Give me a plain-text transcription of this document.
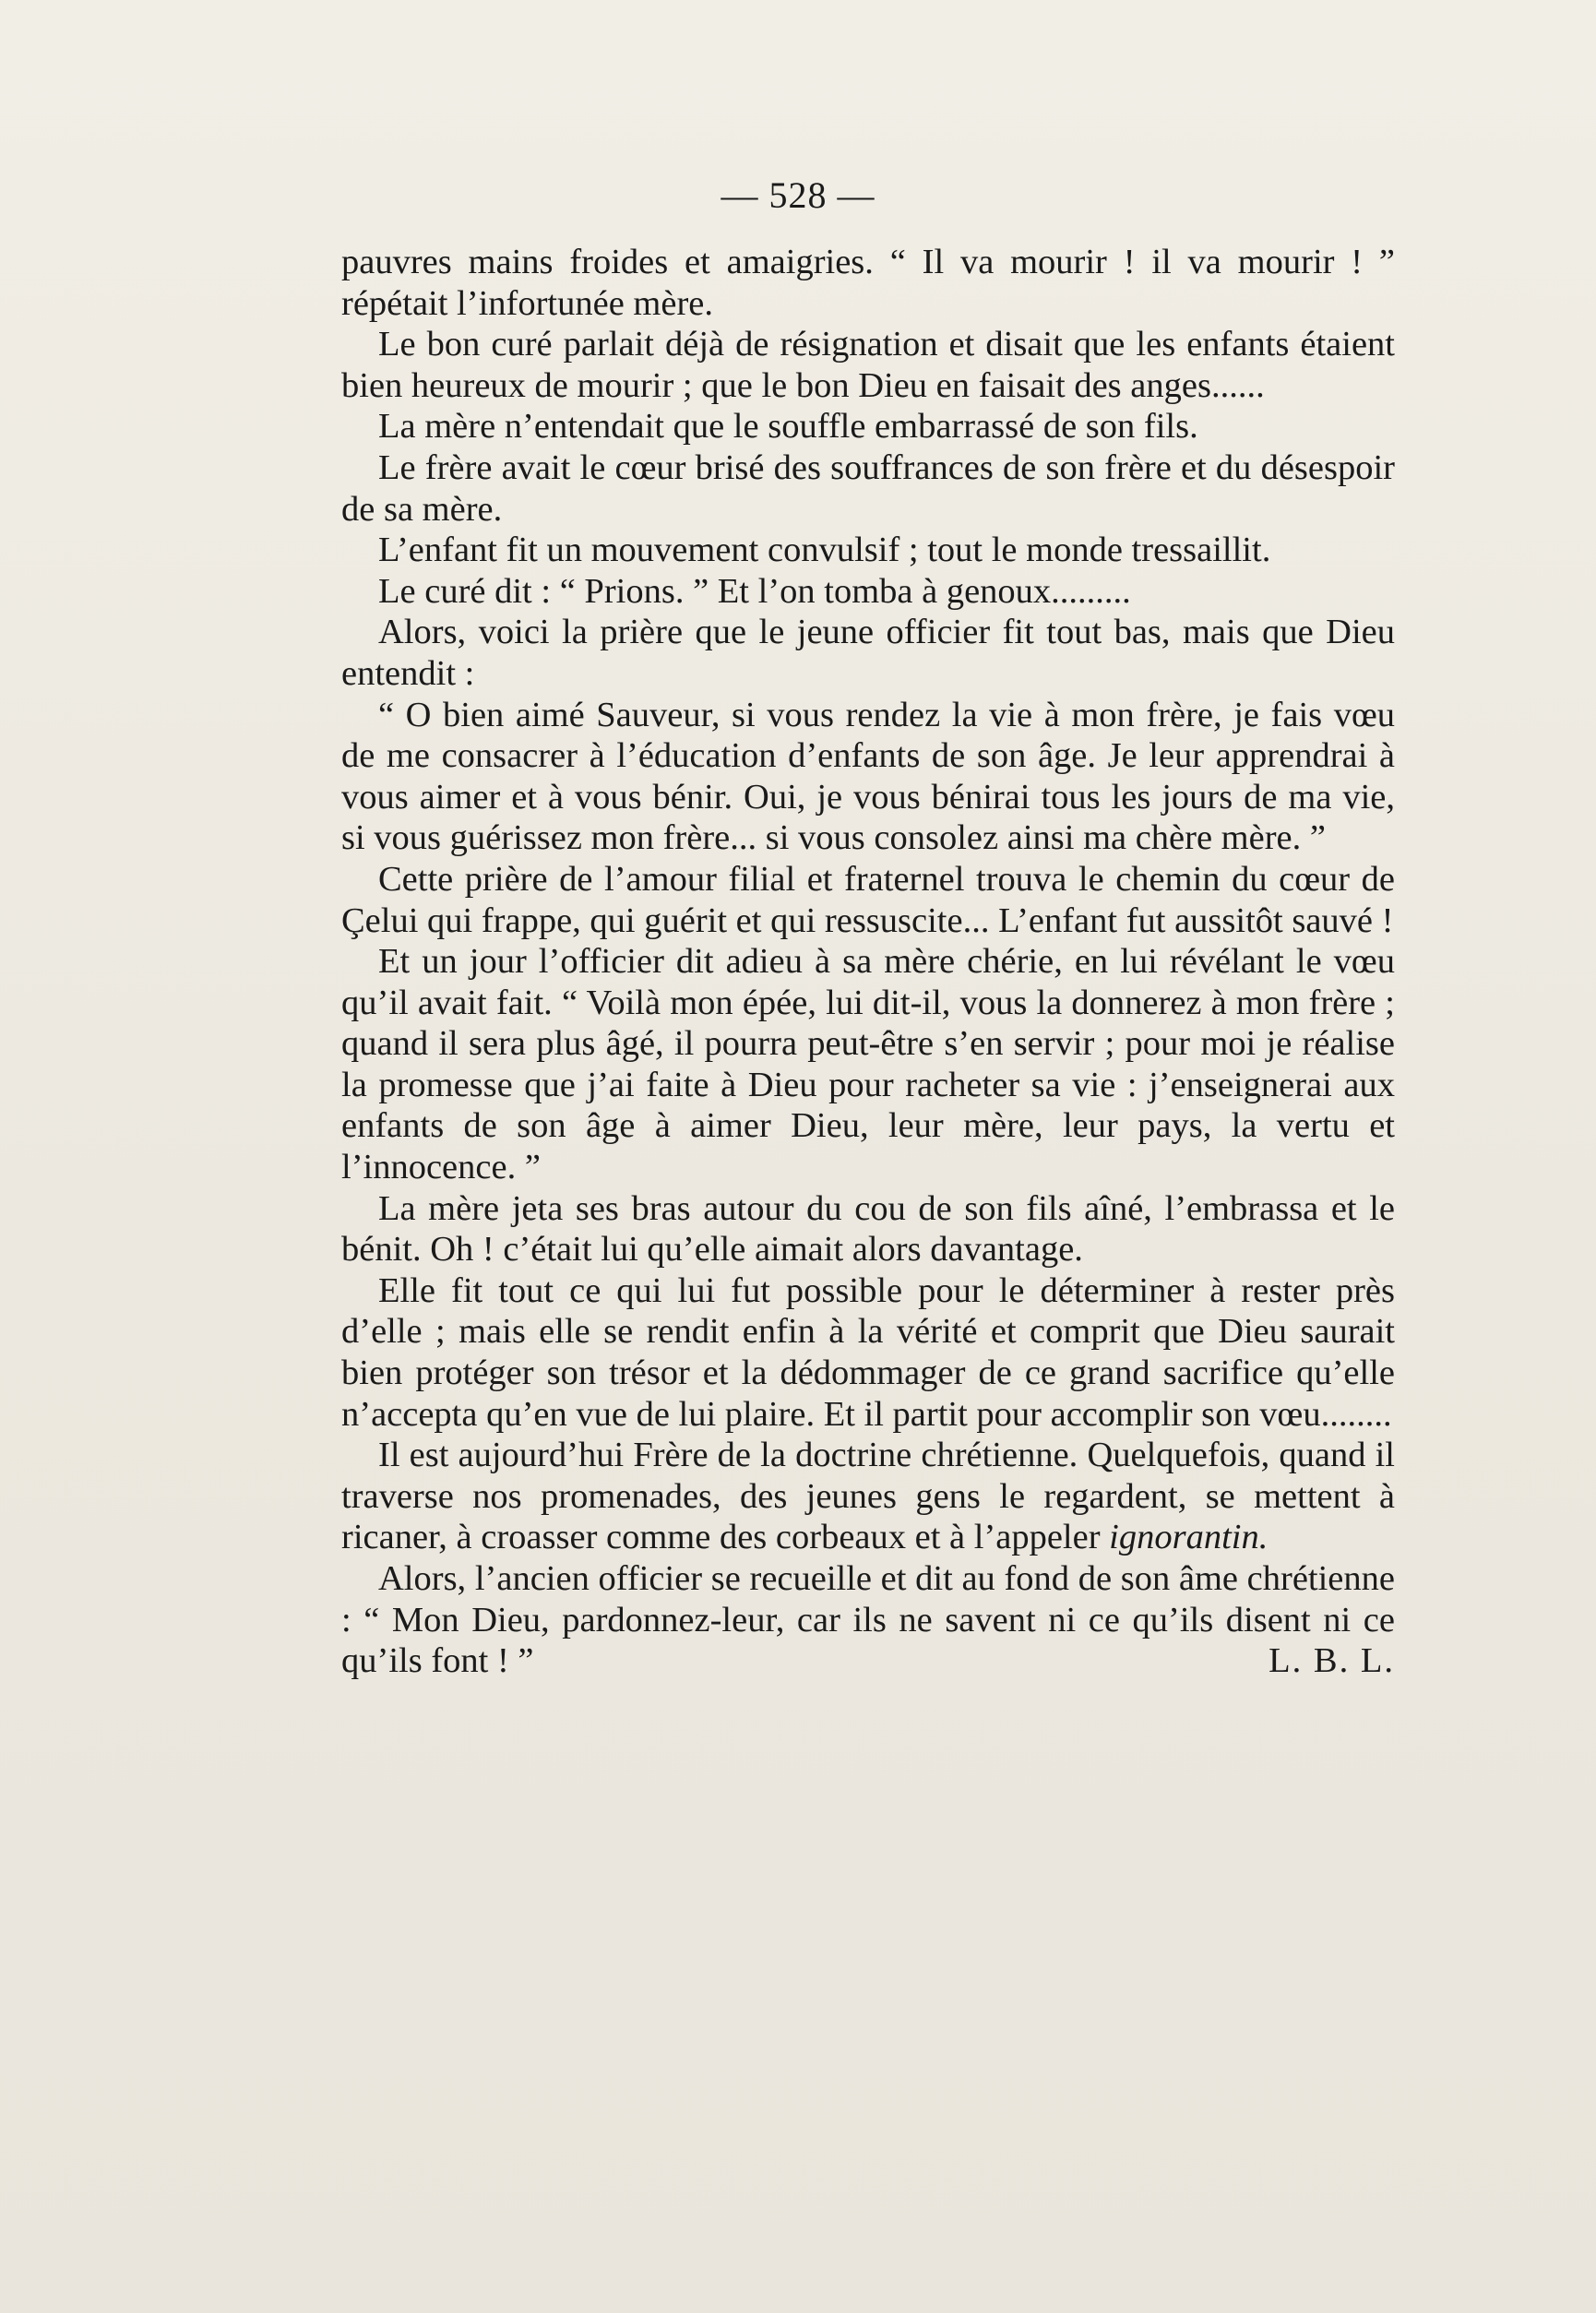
— 528 —

pauvres mains froides et amaigries. “ Il va mourir ! il va mourir ! ” répétait l’infortunée mère.

Le bon curé parlait déjà de résignation et disait que les enfants étaient bien heureux de mourir ; que le bon Dieu en faisait des anges......

La mère n’entendait que le souffle embarrassé de son fils.

Le frère avait le cœur brisé des souffrances de son frère et du désespoir de sa mère.

L’enfant fit un mouvement convulsif ; tout le monde tressaillit.

Le curé dit : “ Prions. ” Et l’on tomba à genoux.........

Alors, voici la prière que le jeune officier fit tout bas, mais que Dieu entendit :

“ O bien aimé Sauveur, si vous rendez la vie à mon frère, je fais vœu de me consacrer à l’éducation d’enfants de son âge. Je leur apprendrai à vous aimer et à vous bénir. Oui, je vous bénirai tous les jours de ma vie, si vous guérissez mon frère... si vous consolez ainsi ma chère mère. ”

Cette prière de l’amour filial et fraternel trouva le chemin du cœur de Çelui qui frappe, qui guérit et qui ressuscite... L’enfant fut aussitôt sauvé !

Et un jour l’officier dit adieu à sa mère chérie, en lui révélant le vœu qu’il avait fait. “ Voilà mon épée, lui dit-il, vous la donnerez à mon frère ; quand il sera plus âgé, il pourra peut-être s’en servir ; pour moi je réalise la promesse que j’ai faite à Dieu pour racheter sa vie : j’enseignerai aux enfants de son âge à aimer Dieu, leur mère, leur pays, la vertu et l’innocence. ”

La mère jeta ses bras autour du cou de son fils aîné, l’embrassa et le bénit. Oh ! c’était lui qu’elle aimait alors davantage.

Elle fit tout ce qui lui fut possible pour le déterminer à rester près d’elle ; mais elle se rendit enfin à la vérité et comprit que Dieu saurait bien protéger son trésor et la dédommager de ce grand sacrifice qu’elle n’accepta qu’en vue de lui plaire. Et il partit pour accomplir son vœu........

Il est aujourd’hui Frère de la doctrine chrétienne. Quelquefois, quand il traverse nos promenades, des jeunes gens le regardent, se mettent à ricaner, à croasser comme des corbeaux et à l’appeler ignorantin.

Alors, l’ancien officier se recueille et dit au fond de son âme chrétienne : “ Mon Dieu, pardonnez-leur, car ils ne savent ni ce qu’ils disent ni ce qu’ils font ! ”	L. B. L.
